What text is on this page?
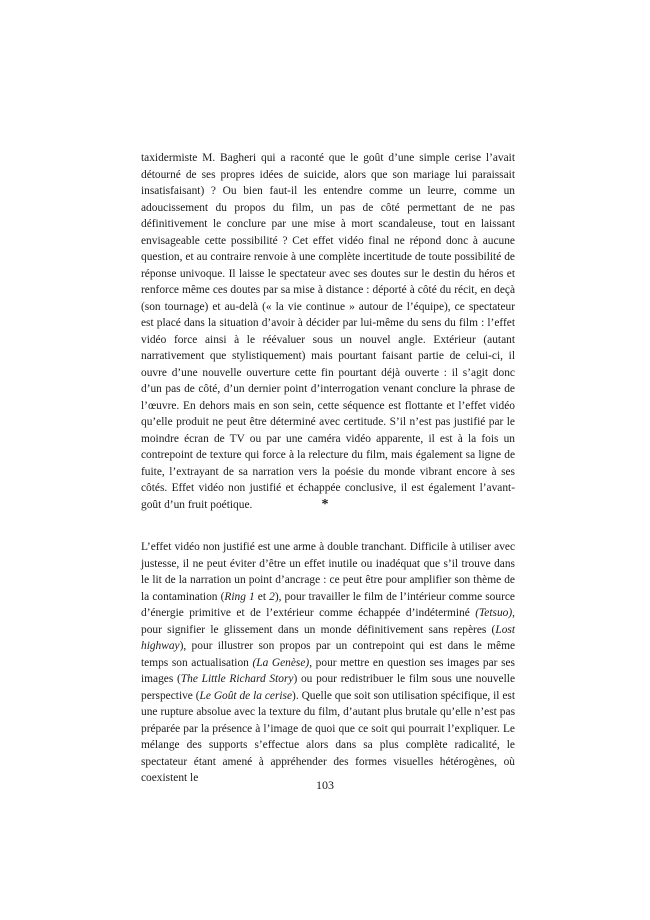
taxidermiste M. Bagheri qui a raconté que le goût d’une simple cerise l’avait détourné de ses propres idées de suicide, alors que son mariage lui paraissait insatisfaisant) ? Ou bien faut-il les entendre comme un leurre, comme un adoucissement du propos du film, un pas de côté permettant de ne pas définitivement le conclure par une mise à mort scandaleuse, tout en laissant envisageable cette possibilité ? Cet effet vidéo final ne répond donc à aucune question, et au contraire renvoie à une complète incertitude de toute possibilité de réponse univoque. Il laisse le spectateur avec ses doutes sur le destin du héros et renforce même ces doutes par sa mise à distance : déporté à côté du récit, en deçà (son tournage) et au-delà (« la vie continue » autour de l’équipe), ce spectateur est placé dans la situation d’avoir à décider par lui-même du sens du film : l’effet vidéo force ainsi à le réévaluer sous un nouvel angle. Extérieur (autant narrativement que stylistiquement) mais pourtant faisant partie de celui-ci, il ouvre d’une nouvelle ouverture cette fin pourtant déjà ouverte : il s’agit donc d’un pas de côté, d’un dernier point d’interrogation venant conclure la phrase de l’œuvre. En dehors mais en son sein, cette séquence est flottante et l’effet vidéo qu’elle produit ne peut être déterminé avec certitude. S’il n’est pas justifié par le moindre écran de TV ou par une caméra vidéo apparente, il est à la fois un contrepoint de texture qui force à la relecture du film, mais également sa ligne de fuite, l’extrayant de sa narration vers la poésie du monde vibrant encore à ses côtés. Effet vidéo non justifié et échappée conclusive, il est également l’avant-goût d’un fruit poétique.	*

L’effet vidéo non justifié est une arme à double tranchant. Difficile à utiliser avec justesse, il ne peut éviter d’être un effet inutile ou inadéquat que s’il trouve dans le lit de la narration un point d’ancrage : ce peut être pour amplifier son thème de la contamination (Ring 1 et 2), pour travailler le film de l’intérieur comme source d’énergie primitive et de l’extérieur comme échappée d’indéterminé (Tetsuo), pour signifier le glissement dans un monde définitivement sans repères (Lost highway), pour illustrer son propos par un contrepoint qui est dans le même temps son actualisation (La Genèse), pour mettre en question ses images par ses images (The Little Richard Story) ou pour redistribuer le film sous une nouvelle perspective (Le Goût de la cerise). Quelle que soit son utilisation spécifique, il est une rupture absolue avec la texture du film, d’autant plus brutale qu’elle n’est pas préparée par la présence à l’image de quoi que ce soit qui pourrait l’expliquer. Le mélange des supports s’effectue alors dans sa plus complète radicalité, le spectateur étant amené à appréhender des formes visuelles hétérogènes, où coexistent le	103
